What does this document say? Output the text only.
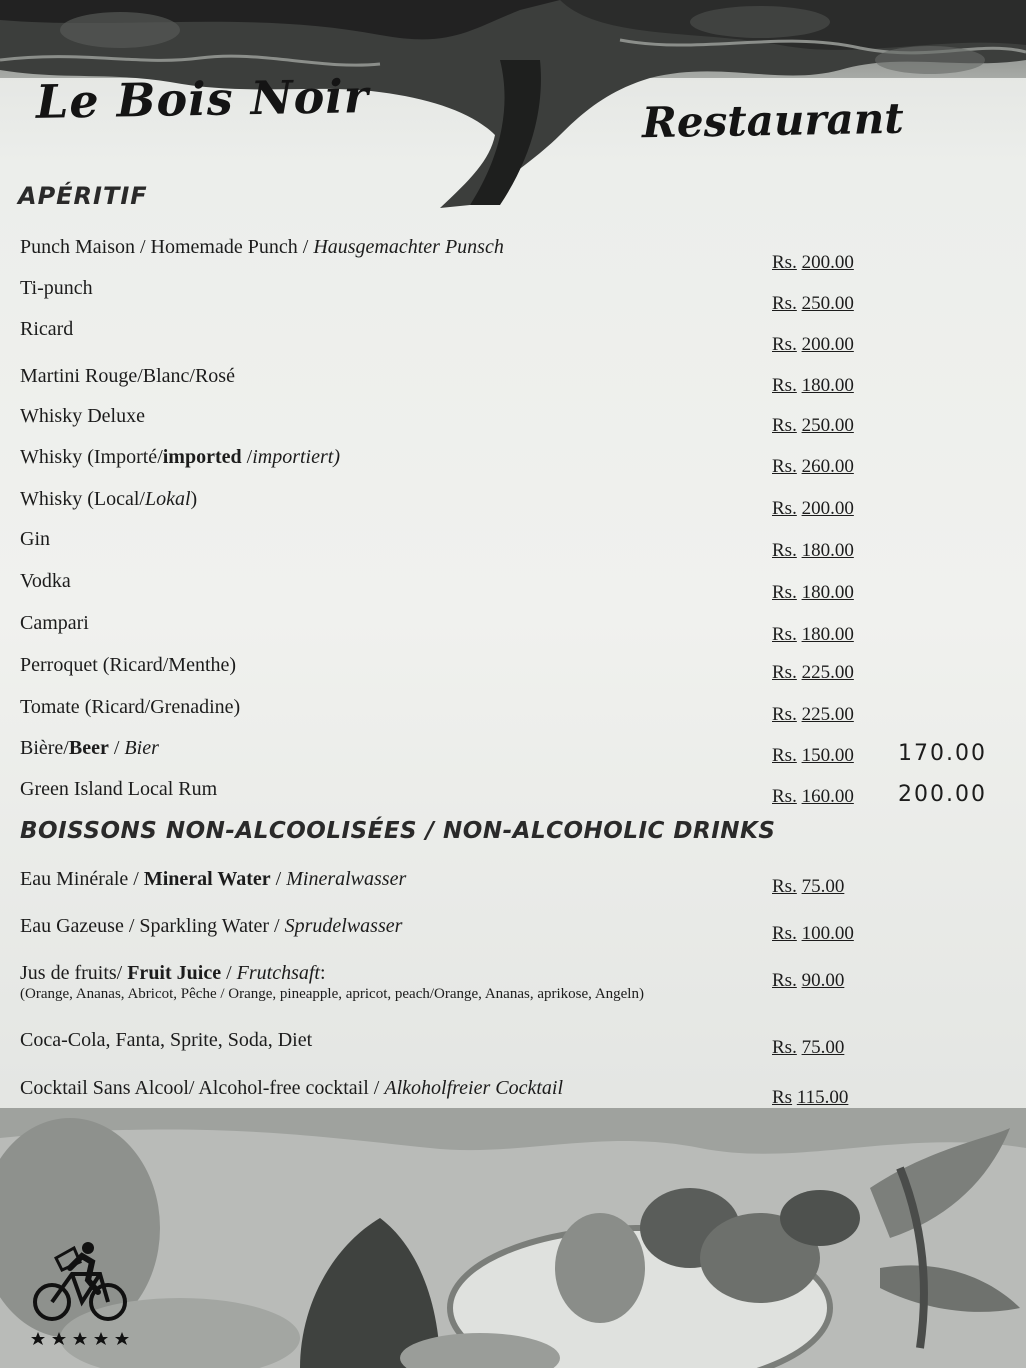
Le Bois Noir	Restaurant
APÉRITIF
BOISSONS NON-ALCOOLISÉES / NON-ALCOHOLIC DRINKS
Punch Maison / Homemade Punch / Hausgemachter Punsch
Rs. 200.00
Ti-punch
Rs. 250.00
Ricard
Rs. 200.00
Martini Rouge/Blanc/Rosé	Rs. 180.00
Whisky Deluxe	Rs. 250.00
Whisky (Importé/imported /importiert)	Rs. 260.00
Whisky (Local/Lokal)	Rs. 200.00
Gin
Rs. 180.00
Vodka
Rs. 180.00
Campari
Rs. 180.00
Perroquet (Ricard/Menthe)	Rs. 225.00
Tomate (Ricard/Grenadine)	Rs. 225.00
Bière/Beer / Bier	Rs. 150.00 170.00
Green Island Local Rum	Rs. 160.00 200.00
Eau Minérale / Mineral Water / Mineralwasser	Rs. 75.00
Eau Gazeuse / Sparkling Water / Sprudelwasser	Rs. 100.00
Jus de fruits/ Fruit Juice / Frutchsaft:
(Orange, Ananas, Abricot, Pêche / Orange, pineapple, apricot, peach/Orange, Ananas, aprikose, Angeln)
Rs. 90.00
Coca-Cola, Fanta, Sprite, Soda, Diet	Rs. 75.00
Cocktail Sans Alcool/ Alcohol-free cocktail / Alkoholfreier Cocktail	Rs 115.00
